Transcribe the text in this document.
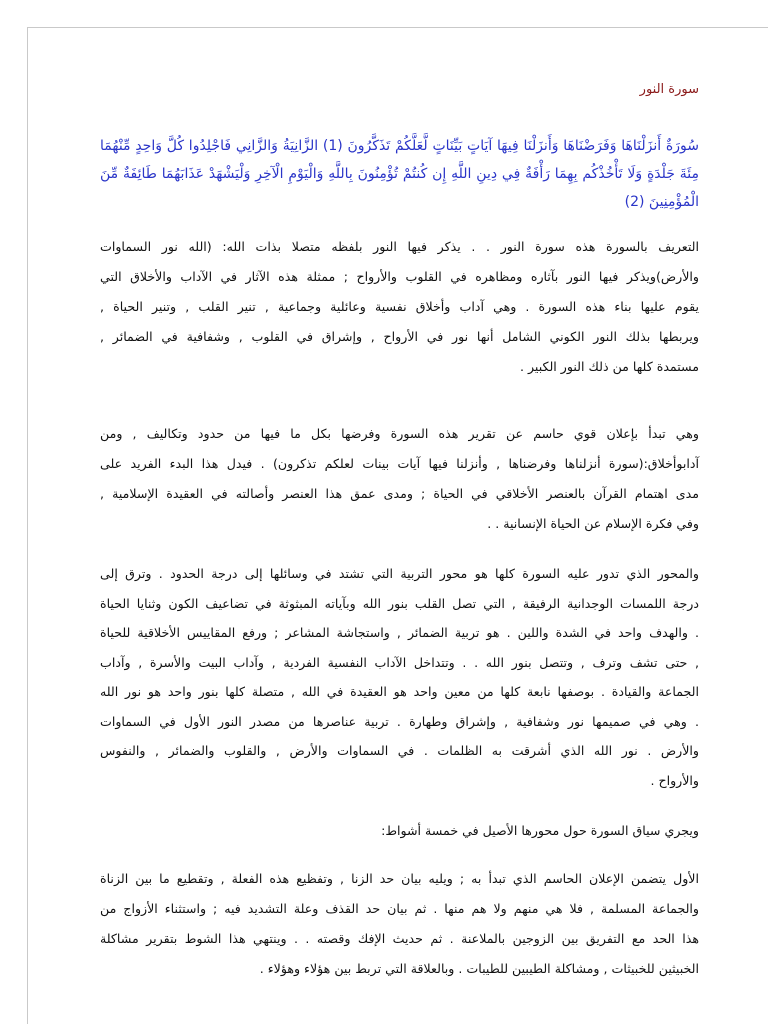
سورة النور
سُورَةٌ أَنزَلْنَاهَا وَفَرَضْنَاهَا وَأَنزَلْنَا فِيهَا آيَاتٍ بَيِّنَاتٍ لَّعَلَّكُمْ تَذَكَّرُونَ (1) الزَّانِيَةُ وَالزَّانِي فَاجْلِدُوا كُلَّ وَاحِدٍ مِّنْهُمَا
مِئَةَ جَلْدَةٍ وَلَا تَأْخُذْكُم بِهِمَا رَأْفَةٌ فِي دِينِ اللَّهِ إِن كُنتُمْ تُؤْمِنُونَ بِاللَّهِ وَالْيَوْمِ الْآخِرِ وَلْيَشْهَدْ عَذَابَهُمَا طَائِفَةٌ مِّنَ
الْمُؤْمِنِينَ (2)
التعريف بالسورة هذه سورة النور . . يذكر فيها النور بلفظه متصلا بذات الله: (الله نور السماوات
والأرض)ويذكر فيها النور بآثاره ومظاهره في القلوب والأرواح ; ممثلة هذه الآثار في الآداب والأخلاق التي
يقوم عليها بناء هذه السورة . وهي آداب وأخلاق نفسية وعائلية وجماعية , تنير القلب , وتنير الحياة ,
ويربطها بذلك النور الكوني الشامل أنها نور في الأرواح , وإشراق في القلوب , وشفافية في الضمائر ,
مستمدة كلها من ذلك النور الكبير .
وهي تبدأ بإعلان قوي حاسم عن تقرير هذه السورة وفرضها بكل ما فيها من حدود وتكاليف , ومن
آدابوأخلاق:(سورة أنزلناها وفرضناها , وأنزلنا فيها آيات بينات لعلكم تذكرون) . فيدل هذا البدء الفريد على
مدى اهتمام القرآن بالعنصر الأخلاقي في الحياة ; ومدى عمق هذا العنصر وأصالته في العقيدة الإسلامية ,
وفي فكرة الإسلام عن الحياة الإنسانية . .
والمحور الذي تدور عليه السورة كلها هو محور التربية التي تشتد في وسائلها إلى درجة الحدود . وترق إلى
درجة اللمسات الوجدانية الرفيقة , التي تصل القلب بنور الله وبآياته المبثوثة في تضاعيف الكون وثنايا الحياة
. والهدف واحد في الشدة واللين . هو تربية الضمائر , واستجاشة المشاعر ; ورفع المقاييس الأخلاقية للحياة
, حتى تشف وترف , وتتصل بنور الله . . وتتداخل الآداب النفسية الفردية , وآداب البيت والأسرة , وآداب
الجماعة والقيادة . بوصفها نابعة كلها من معين واحد هو العقيدة في الله , متصلة كلها بنور واحد هو نور الله
. وهي في صميمها نور وشفافية , وإشراق وطهارة . تربية عناصرها من مصدر النور الأول في السماوات
والأرض . نور الله الذي أشرقت به الظلمات . في السماوات والأرض , والقلوب والضمائر , والنفوس
والأرواح .
ويجري سياق السورة حول محورها الأصيل في خمسة أشواط:
الأول يتضمن الإعلان الحاسم الذي تبدأ به ; ويليه بيان حد الزنا , وتفظيع هذه الفعلة , وتقطيع ما بين الزناة
والجماعة المسلمة , فلا هي منهم ولا هم منها . ثم بيان حد القذف وعلة التشديد فيه ; واستثناء الأزواج من
هذا الحد مع التفريق بين الزوجين بالملاعنة . ثم حديث الإفك وقصته . . وينتهي هذا الشوط بتقرير مشاكلة
الخبيثين للخبيثات , ومشاكلة الطيبين للطيبات . وبالعلاقة التي تربط بين هؤلاء وهؤلاء .
